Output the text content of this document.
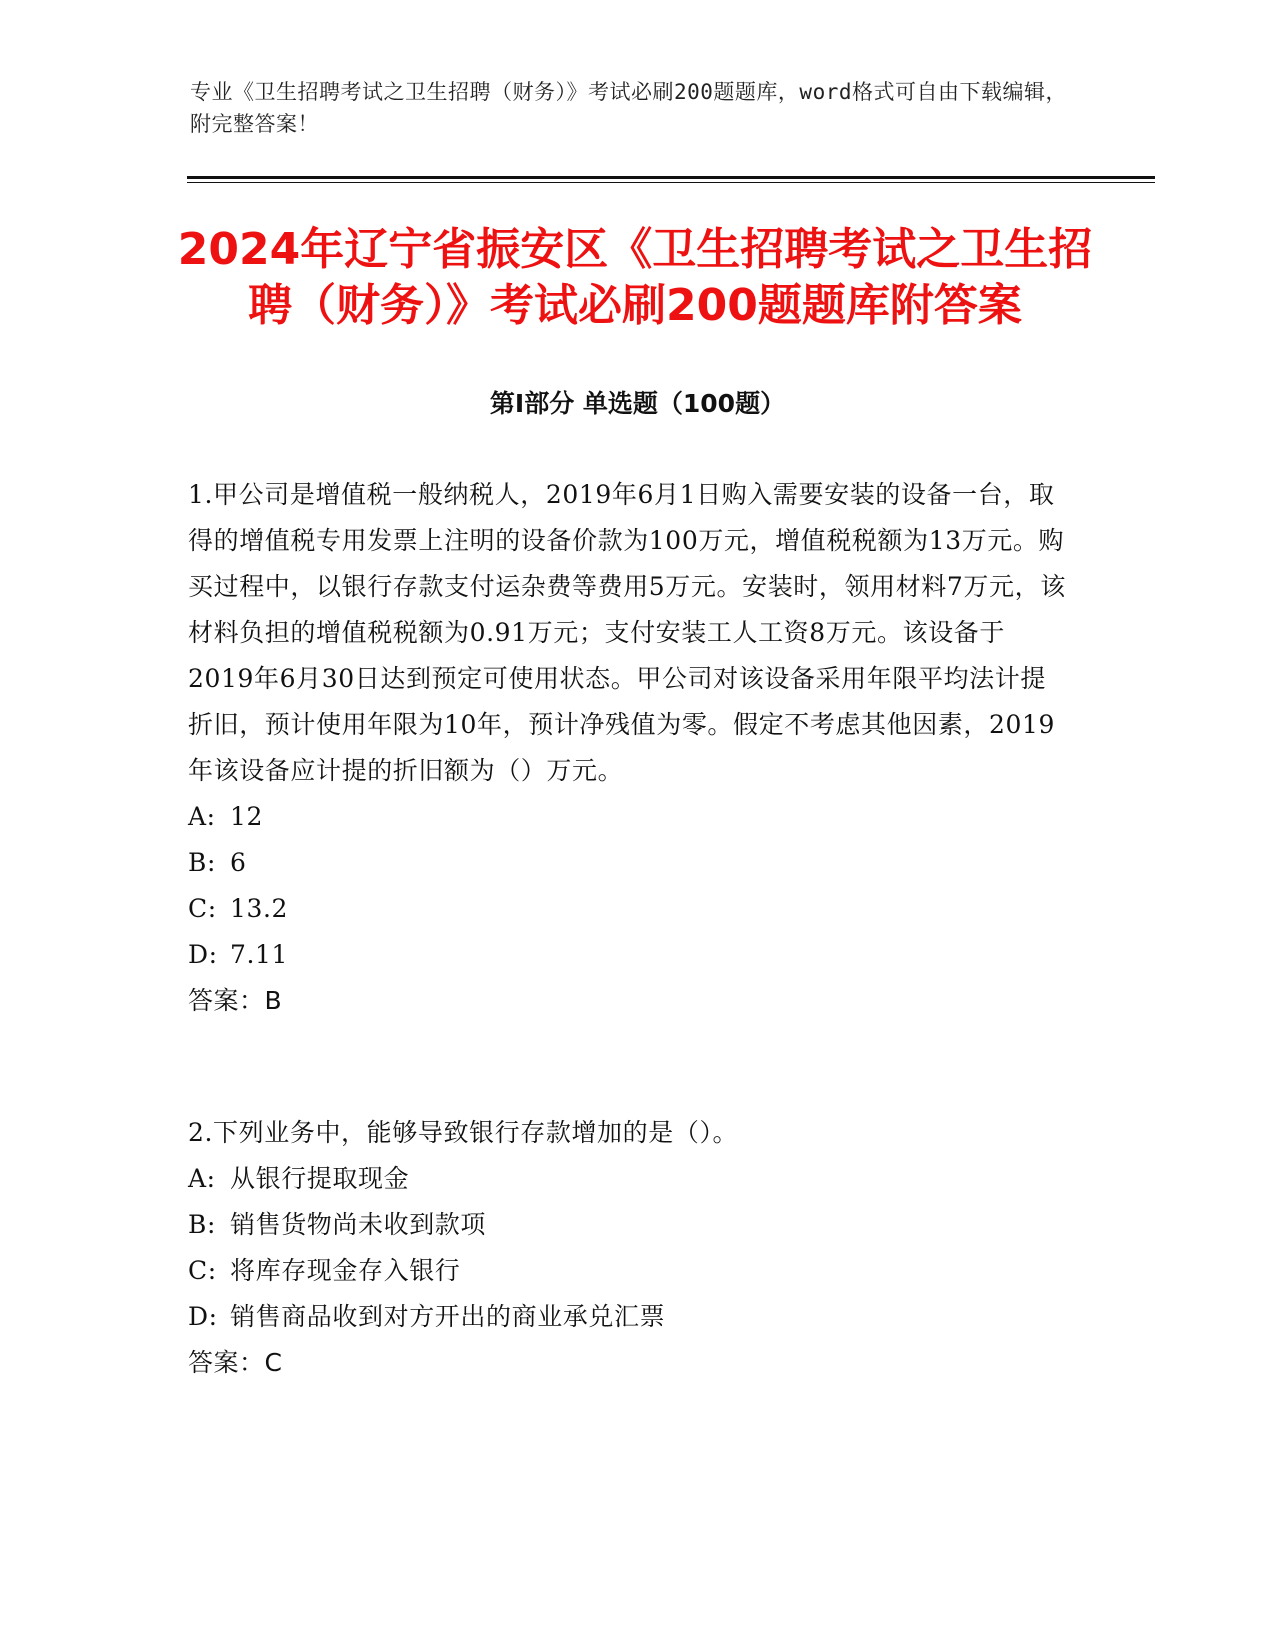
专业《卫生招聘考试之卫生招聘（财务）》考试必刷200题题库，word格式可自由下载编辑，附完整答案！
2024年辽宁省振安区《卫生招聘考试之卫生招聘（财务）》考试必刷200题题库附答案
第I部分 单选题（100题）
1.甲公司是增值税一般纳税人，2019年6月1日购入需要安装的设备一台，取得的增值税专用发票上注明的设备价款为100万元，增值税税额为13万元。购买过程中，以银行存款支付运杂费等费用5万元。安装时，领用材料7万元，该材料负担的增值税税额为0.91万元；支付安装工人工资8万元。该设备于2019年6月30日达到预定可使用状态。甲公司对该设备采用年限平均法计提折旧，预计使用年限为10年，预计净残值为零。假定不考虑其他因素，2019年该设备应计提的折旧额为（）万元。
A: 12
B: 6
C: 13.2
D: 7.11
答案：B
2.下列业务中，能够导致银行存款增加的是（）。
A: 从银行提取现金
B: 销售货物尚未收到款项
C: 将库存现金存入银行
D: 销售商品收到对方开出的商业承兑汇票
答案：C
